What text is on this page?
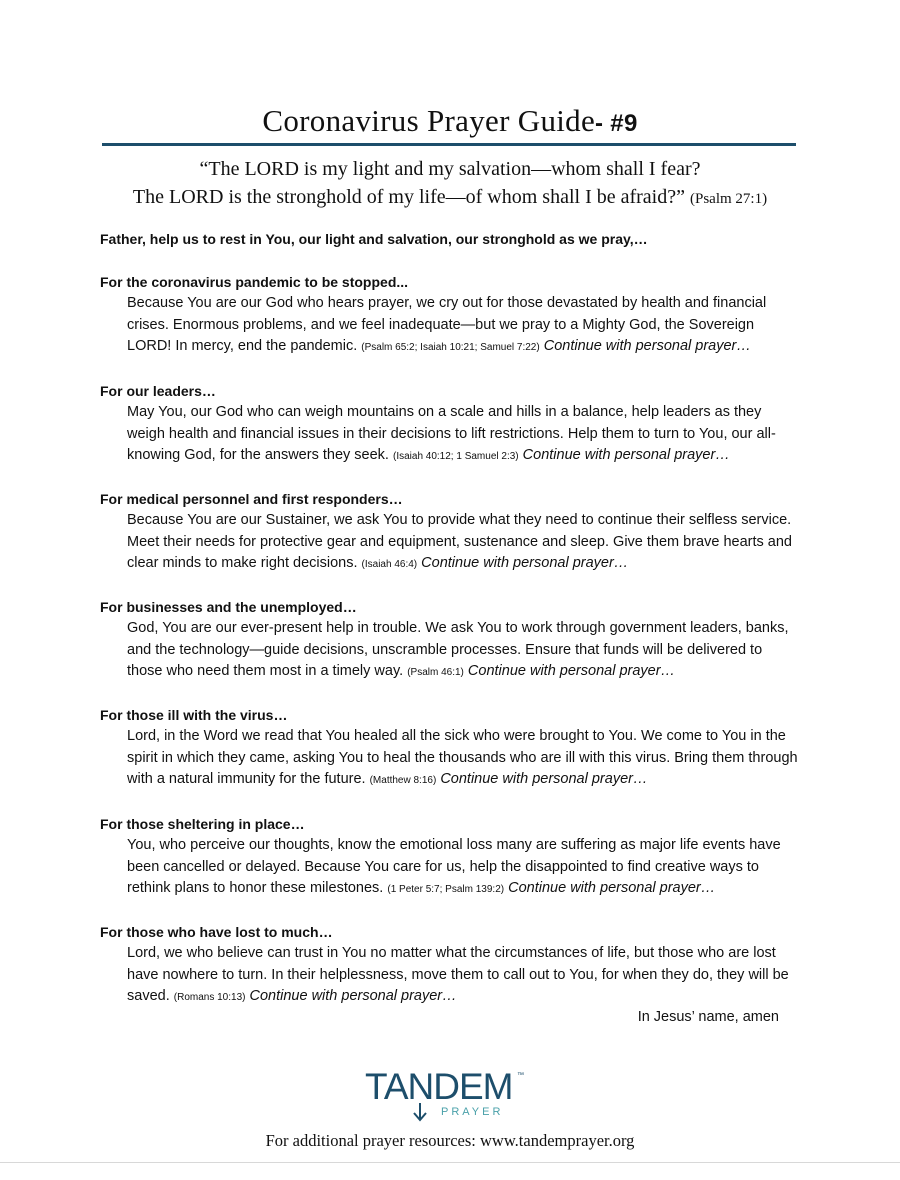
Coronavirus Prayer Guide- #9
“The LORD is my light and my salvation—whom shall I fear?
The LORD is the stronghold of my life—of whom shall I be afraid?” (Psalm 27:1)
Father, help us to rest in You, our light and salvation, our stronghold as we pray,…
For the coronavirus pandemic to be stopped...
Because You are our God who hears prayer, we cry out for those devastated by health and financial crises. Enormous problems, and we feel inadequate—but we pray to a Mighty God, the Sovereign LORD! In mercy, end the pandemic. (Psalm 65:2; Isaiah 10:21; Samuel 7:22) Continue with personal prayer…
For our leaders…
May You, our God who can weigh mountains on a scale and hills in a balance, help leaders as they weigh health and financial issues in their decisions to lift restrictions. Help them to turn to You, our all-knowing God, for the answers they seek. (Isaiah 40:12; 1 Samuel 2:3) Continue with personal prayer…
For medical personnel and first responders…
Because You are our Sustainer, we ask You to provide what they need to continue their selfless service. Meet their needs for protective gear and equipment, sustenance and sleep. Give them brave hearts and clear minds to make right decisions. (Isaiah 46:4) Continue with personal prayer…
For businesses and the unemployed…
God, You are our ever-present help in trouble. We ask You to work through government leaders, banks, and the technology—guide decisions, unscramble processes. Ensure that funds will be delivered to those who need them most in a timely way. (Psalm 46:1) Continue with personal prayer…
For those ill with the virus…
Lord, in the Word we read that You healed all the sick who were brought to You. We come to You in the spirit in which they came, asking You to heal the thousands who are ill with this virus. Bring them through with a natural immunity for the future. (Matthew 8:16) Continue with personal prayer…
For those sheltering in place…
You, who perceive our thoughts, know the emotional loss many are suffering as major life events have been cancelled or delayed. Because You care for us, help the disappointed to find creative ways to rethink plans to honor these milestones. (1 Peter 5:7; Psalm 139:2) Continue with personal prayer…
For those who have lost to much…
Lord, we who believe can trust in You no matter what the circumstances of life, but those who are lost have nowhere to turn. In their helplessness, move them to call out to You, for when they do, they will be saved. (Romans 10:13) Continue with personal prayer…
In Jesus’ name, amen
TANDEM ™
PRAYER
For additional prayer resources: www.tandemprayer.org
